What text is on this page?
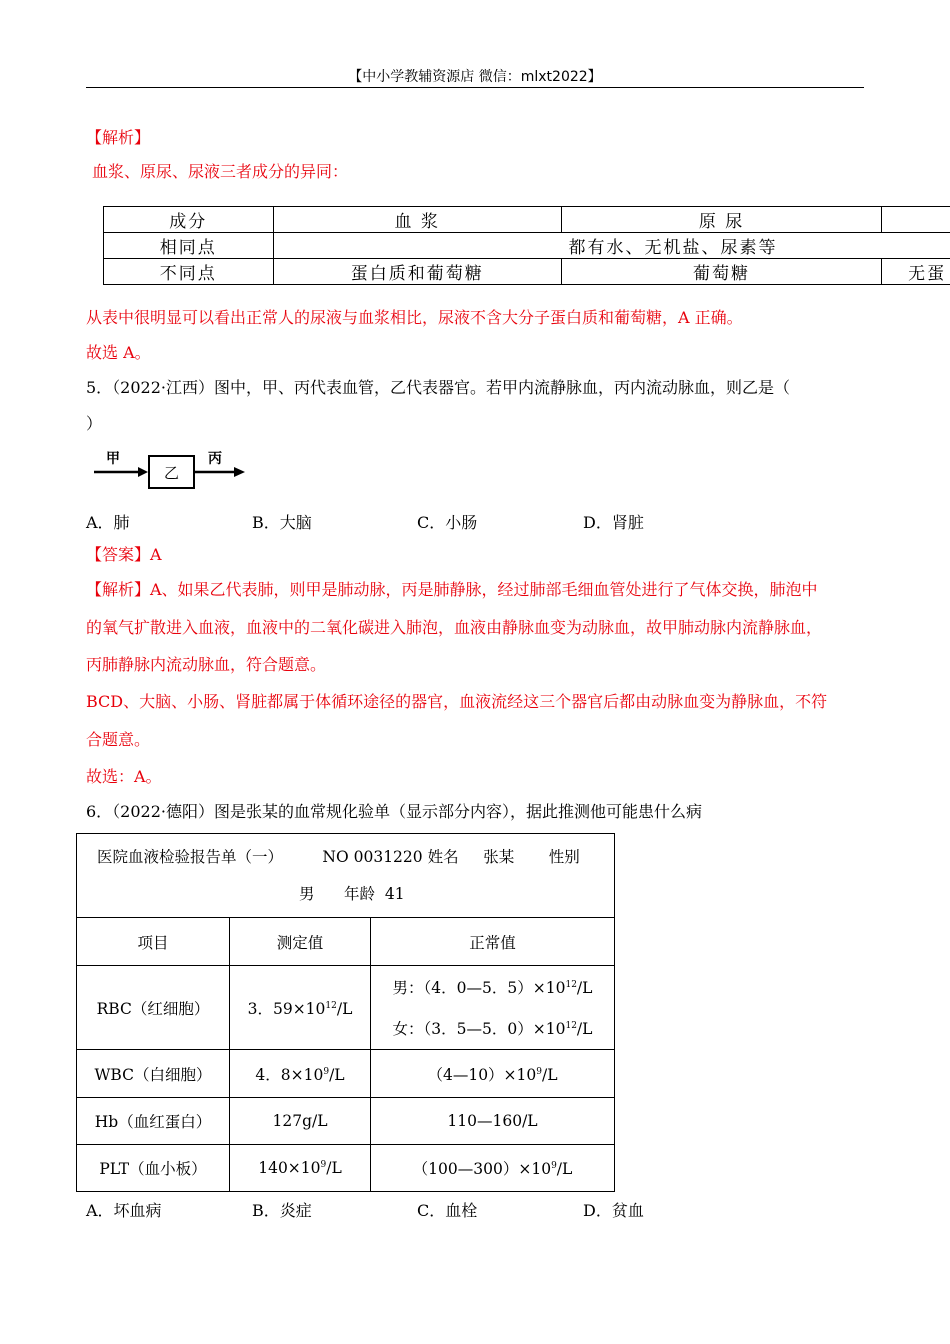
【中小学教辅资源店 微信：mlxt2022】
【解析】
血浆、原尿、尿液三者成分的异同：
成分	血 浆	原 尿	
相同点	都有水、无机盐、尿素等		
不同点	蛋白质和葡萄糖	葡萄糖	无蛋
从表中很明显可以看出正常人的尿液与血浆相比，尿液不含大分子蛋白质和葡萄糖，A 正确。
故选 A。
5．（2022·江西）图中，甲、丙代表血管，乙代表器官。若甲内流静脉血，丙内流动脉血，则乙是（
）
甲
乙
丙
A．肺	B．大脑	C．小肠	D．肾脏
【答案】A
【解析】A、如果乙代表肺，则甲是肺动脉，丙是肺静脉，经过肺部毛细血管处进行了气体交换，肺泡中
的氧气扩散进入血液，血液中的二氧化碳进入肺泡，血液由静脉血变为动脉血，故甲肺动脉内流静脉血，
丙肺静脉内流动脉血，符合题意。
BCD、大脑、小肠、肾脏都属于体循环途径的器官，血液流经这三个器官后都由动脉血变为静脉血，不符
合题意。
故选：A。
6．（2022·德阳）图是张某的血常规化验单（显示部分内容），据此推测他可能患什么病
医院血液检验报告单（一）        NO 0031220 姓名     张某       性别
男      年龄  41		

项目	测定值	正常值
RBC（红细胞）	3．$59\times 10^{12}/L$	男：（4．0—5．$5)\times 10^{12}/L$
女：（3．5—5．$0)\times 10^{12}/L$

WBC（白细胞）	4．$8\times 10^9/L$	$(4—10)\times 10^9/L$
Hb（血红蛋白）	127g/L	110—160/L
PLT（血小板）	$140\times 10^9/L$	$(100—300)\times 10^9/L$
A．坏血病	B．炎症	C．血栓	D．贫血
